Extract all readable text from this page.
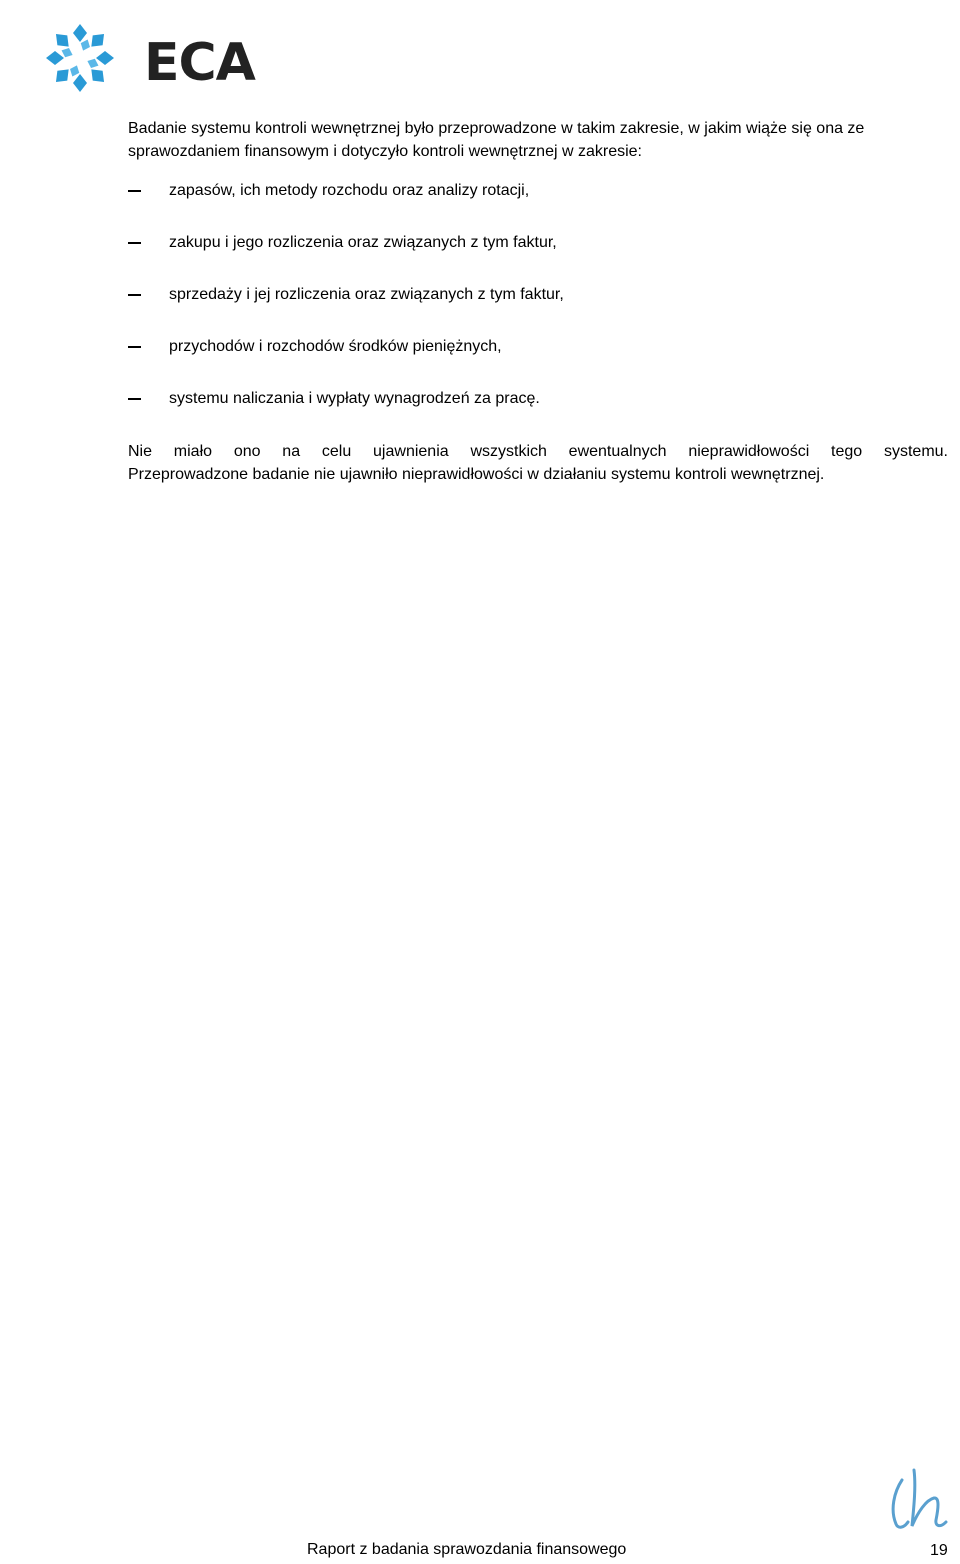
ECA

Badanie systemu kontroli wewnętrznej było przeprowadzone w takim zakresie, w jakim wiąże się ona ze sprawozdaniem finansowym i dotyczyło kontroli wewnętrznej w zakresie:

zapasów, ich metody rozchodu oraz analizy rotacji,
zakupu i jego rozliczenia oraz związanych z tym faktur,
sprzedaży i jej rozliczenia oraz związanych z tym faktur,
przychodów i rozchodów środków pieniężnych,
systemu naliczania i wypłaty wynagrodzeń za pracę.

Nie miało ono na celu ujawnienia wszystkich ewentualnych nieprawidłowości tego systemu.
Przeprowadzone badanie nie ujawniło nieprawidłowości w działaniu systemu kontroli wewnętrznej.

Raport z badania sprawozdania finansowego	19
